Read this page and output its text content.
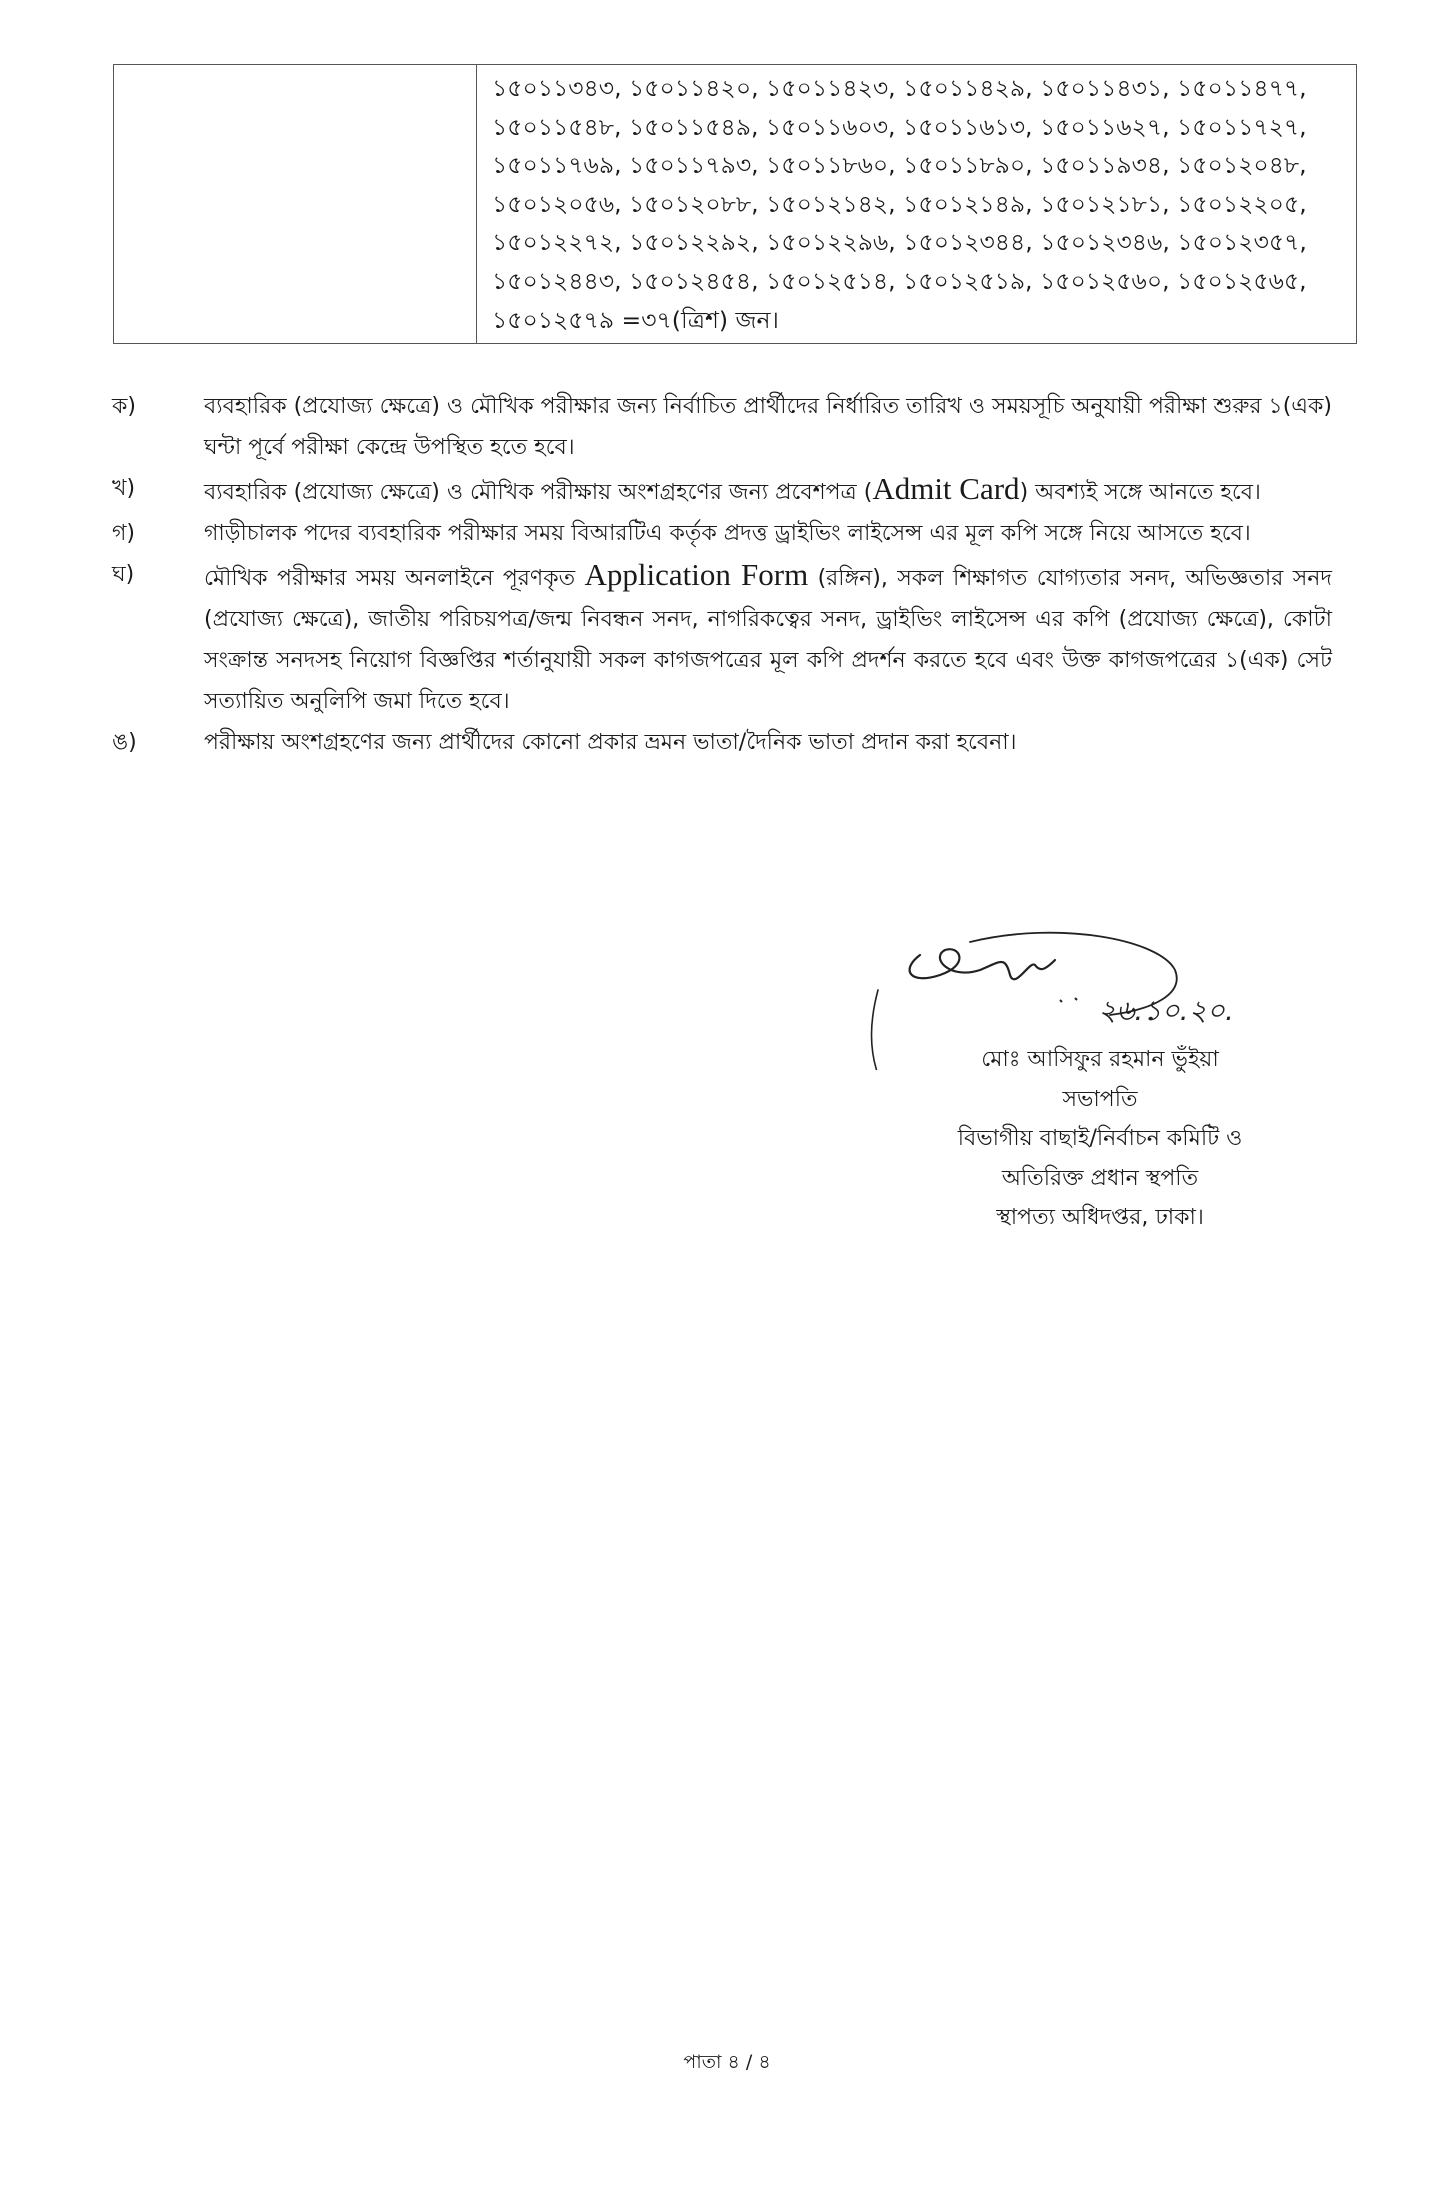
১৫০১১৩৪৩, ১৫০১১৪২০, ১৫০১১৪২৩, ১৫০১১৪২৯, ১৫০১১৪৩১, ১৫০১১৪৭৭,
১৫০১১৫৪৮, ১৫০১১৫৪৯, ১৫০১১৬০৩, ১৫০১১৬১৩, ১৫০১১৬২৭, ১৫০১১৭২৭,
১৫০১১৭৬৯, ১৫০১১৭৯৩, ১৫০১১৮৬০, ১৫০১১৮৯০, ১৫০১১৯৩৪, ১৫০১২০৪৮,
১৫০১২০৫৬, ১৫০১২০৮৮, ১৫০১২১৪২, ১৫০১২১৪৯, ১৫০১২১৮১, ১৫০১২২০৫,
১৫০১২২৭২, ১৫০১২২৯২, ১৫০১২২৯৬, ১৫০১২৩৪৪, ১৫০১২৩৪৬, ১৫০১২৩৫৭,
১৫০১২৪৪৩, ১৫০১২৪৫৪, ১৫০১২৫১৪, ১৫০১২৫১৯, ১৫০১২৫৬০, ১৫০১২৫৬৫,
১৫০১২৫৭৯ =৩৭(ত্রিশ) জন।
ক)	ব্যবহারিক (প্রযোজ্য ক্ষেত্রে) ও মৌখিক পরীক্ষার জন্য নির্বাচিত প্রার্থীদের নির্ধারিত তারিখ ও সময়সূচি অনুযায়ী পরীক্ষা শুরুর ১(এক) ঘন্টা পূর্বে পরীক্ষা কেন্দ্রে উপস্থিত হতে হবে।
খ)	ব্যবহারিক (প্রযোজ্য ক্ষেত্রে) ও মৌখিক পরীক্ষায় অংশগ্রহণের জন্য প্রবেশপত্র (Admit Card) অবশ্যই সঙ্গে আনতে হবে।
গ)	গাড়ীচালক পদের ব্যবহারিক পরীক্ষার সময় বিআরটিএ কর্তৃক প্রদত্ত ড্রাইভিং লাইসেন্স এর মূল কপি সঙ্গে নিয়ে আসতে হবে।
ঘ)	মৌখিক পরীক্ষার সময় অনলাইনে পূরণকৃত Application Form (রঙ্গিন), সকল শিক্ষাগত যোগ্যতার সনদ, অভিজ্ঞতার সনদ (প্রযোজ্য ক্ষেত্রে), জাতীয় পরিচয়পত্র/জন্ম নিবন্ধন সনদ, নাগরিকত্বের সনদ, ড্রাইভিং লাইসেন্স এর কপি (প্রযোজ্য ক্ষেত্রে), কোটা সংক্রান্ত সনদসহ নিয়োগ বিজ্ঞপ্তির শর্তানুযায়ী সকল কাগজপত্রের মূল কপি প্রদর্শন করতে হবে এবং উক্ত কাগজপত্রের ১(এক) সেট সত্যায়িত অনুলিপি জমা দিতে হবে।
ঙ)	পরীক্ষায় অংশগ্রহণের জন্য প্রার্থীদের কোনো প্রকার ভ্রমন ভাতা/দৈনিক ভাতা প্রদান করা হবেনা।
২৬.১০.২০.
মোঃ আসিফুর রহমান ভুঁইয়া
সভাপতি
বিভাগীয় বাছাই/নির্বাচন কমিটি ও
অতিরিক্ত প্রধান স্থপতি
স্থাপত্য অধিদপ্তর, ঢাকা।
পাতা ৪ / ৪
